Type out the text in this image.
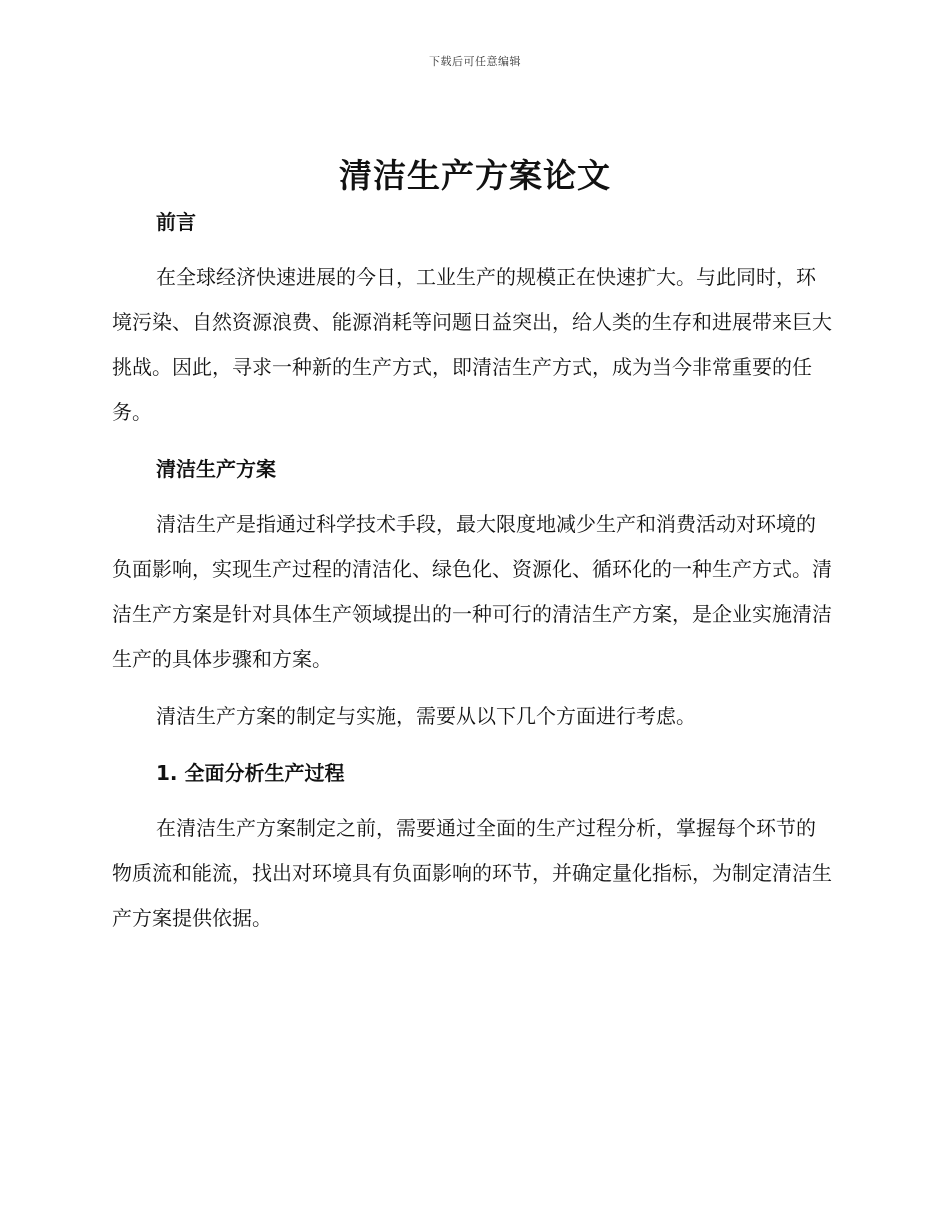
下载后可任意编辑
清洁生产方案论文
前言

在全球经济快速进展的今日，工业生产的规模正在快速扩大。与此同时，环境污染、自然资源浪费、能源消耗等问题日益突出，给人类的生存和进展带来巨大挑战。因此，寻求一种新的生产方式，即清洁生产方式，成为当今非常重要的任务。

清洁生产方案

清洁生产是指通过科学技术手段，最大限度地减少生产和消费活动对环境的负面影响，实现生产过程的清洁化、绿色化、资源化、循环化的一种生产方式。清洁生产方案是针对具体生产领域提出的一种可行的清洁生产方案，是企业实施清洁生产的具体步骤和方案。

清洁生产方案的制定与实施，需要从以下几个方面进行考虑。

1. 全面分析生产过程

在清洁生产方案制定之前，需要通过全面的生产过程分析，掌握每个环节的物质流和能流，找出对环境具有负面影响的环节，并确定量化指标，为制定清洁生产方案提供依据。
